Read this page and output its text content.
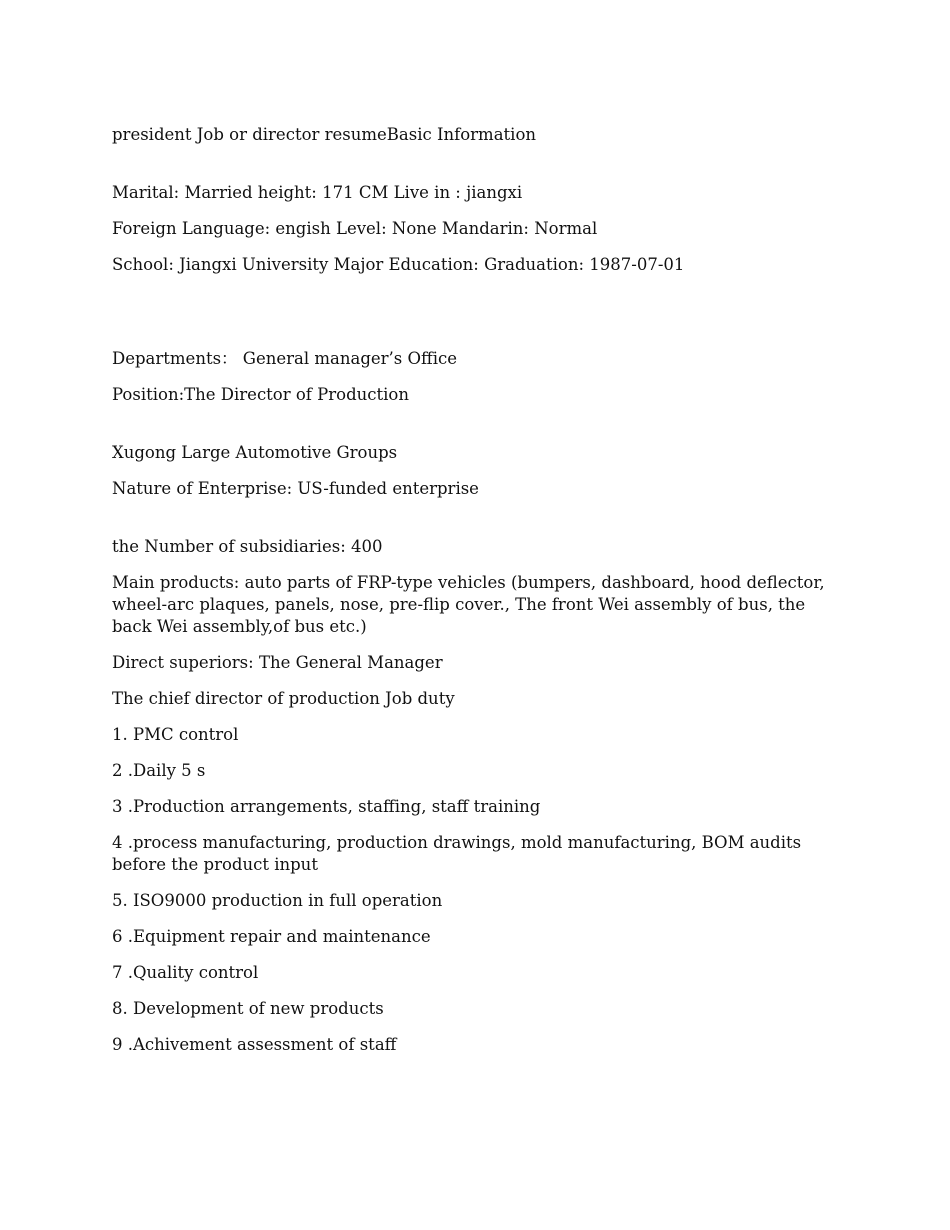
president Job or director resumeBasic Information

Marital: Married height: 171 CM Live in : jiangxi

Foreign Language: engish Level: None Mandarin: Normal

School: Jiangxi University Major Education: Graduation: 1987-07-01

Departments： General manager’s Office

Position:The Director of Production

Xugong Large Automotive Groups

Nature of Enterprise: US-funded enterprise

the Number of subsidiaries: 400

Main products: auto parts of FRP-type vehicles (bumpers, dashboard, hood deflector, wheel-arc plaques, panels, nose, pre-flip cover., The front Wei assembly of bus, the back Wei assembly,of bus etc.)

Direct superiors: The General Manager

The chief director of production Job duty

1. PMC control

2 .Daily 5 s

3 .Production arrangements, staffing, staff training

4 .process manufacturing, production drawings, mold manufacturing, BOM audits before the product input

5. ISO9000 production in full operation

6 .Equipment repair and maintenance

7 .Quality control

8. Development of new products

9 .Achivement assessment of staff
